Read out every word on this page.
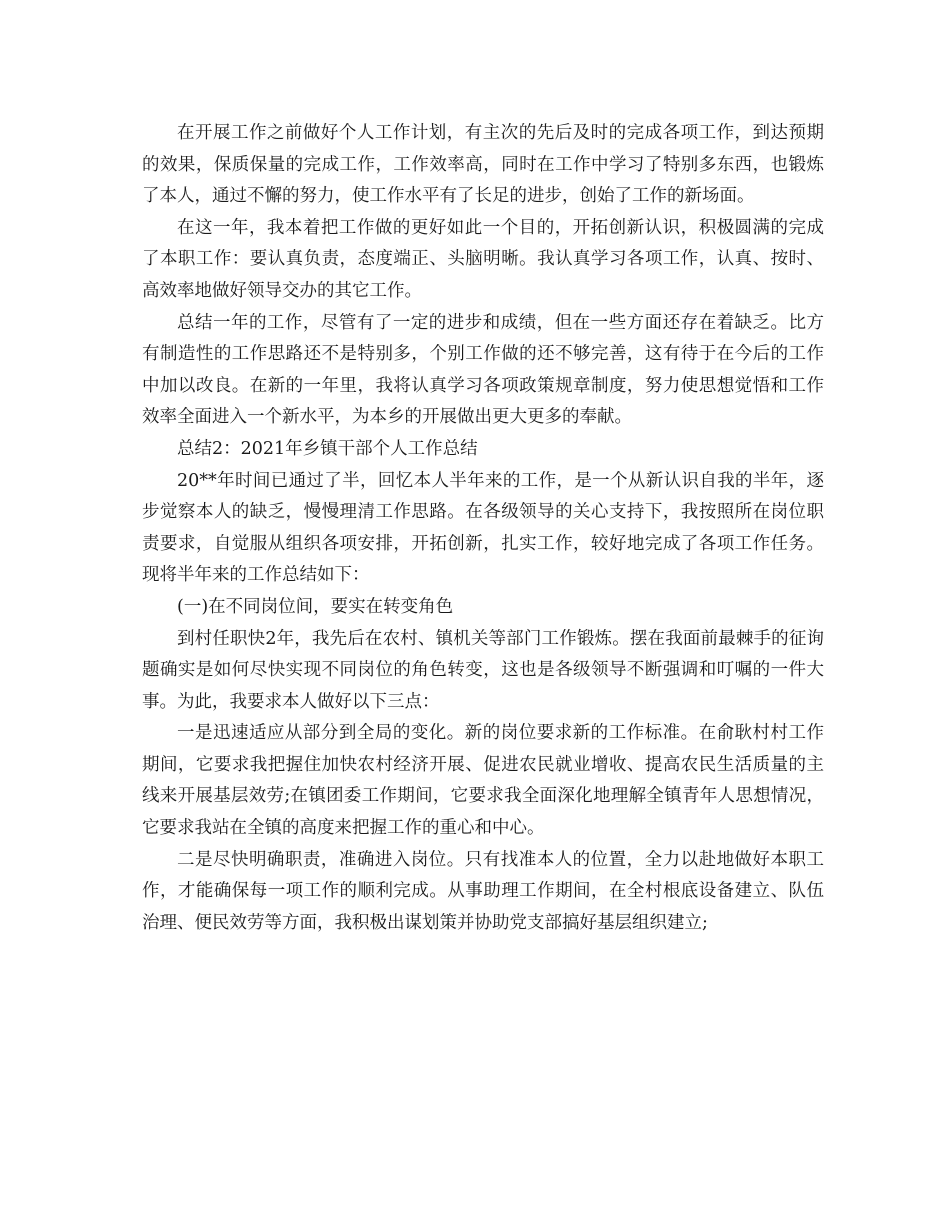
在开展工作之前做好个人工作计划，有主次的先后及时的完成各项工作，到达预期的效果，保质保量的完成工作，工作效率高，同时在工作中学习了特别多东西，也锻炼了本人，通过不懈的努力，使工作水平有了长足的进步，创始了工作的新场面。

在这一年，我本着把工作做的更好如此一个目的，开拓创新认识，积极圆满的完成了本职工作：要认真负责，态度端正、头脑明晰。我认真学习各项工作，认真、按时、高效率地做好领导交办的其它工作。

总结一年的工作，尽管有了一定的进步和成绩，但在一些方面还存在着缺乏。比方有制造性的工作思路还不是特别多，个别工作做的还不够完善，这有待于在今后的工作中加以改良。在新的一年里，我将认真学习各项政策规章制度，努力使思想觉悟和工作效率全面进入一个新水平，为本乡的开展做出更大更多的奉献。

总结2：2021年乡镇干部个人工作总结

20**年时间已通过了半，回忆本人半年来的工作，是一个从新认识自我的半年，逐步觉察本人的缺乏，慢慢理清工作思路。在各级领导的关心支持下，我按照所在岗位职责要求，自觉服从组织各项安排，开拓创新，扎实工作，较好地完成了各项工作任务。现将半年来的工作总结如下：

(一)在不同岗位间，要实在转变角色

到村任职快2年，我先后在农村、镇机关等部门工作锻炼。摆在我面前最棘手的征询题确实是如何尽快实现不同岗位的角色转变，这也是各级领导不断强调和叮嘱的一件大事。为此，我要求本人做好以下三点：

一是迅速适应从部分到全局的变化。新的岗位要求新的工作标准。在俞耿村村工作期间，它要求我把握住加快农村经济开展、促进农民就业增收、提高农民生活质量的主线来开展基层效劳;在镇团委工作期间，它要求我全面深化地理解全镇青年人思想情况，它要求我站在全镇的高度来把握工作的重心和中心。

二是尽快明确职责，准确进入岗位。只有找准本人的位置，全力以赴地做好本职工作，才能确保每一项工作的顺利完成。从事助理工作期间，在全村根底设备建立、队伍治理、便民效劳等方面，我积极出谋划策并协助党支部搞好基层组织建立;
